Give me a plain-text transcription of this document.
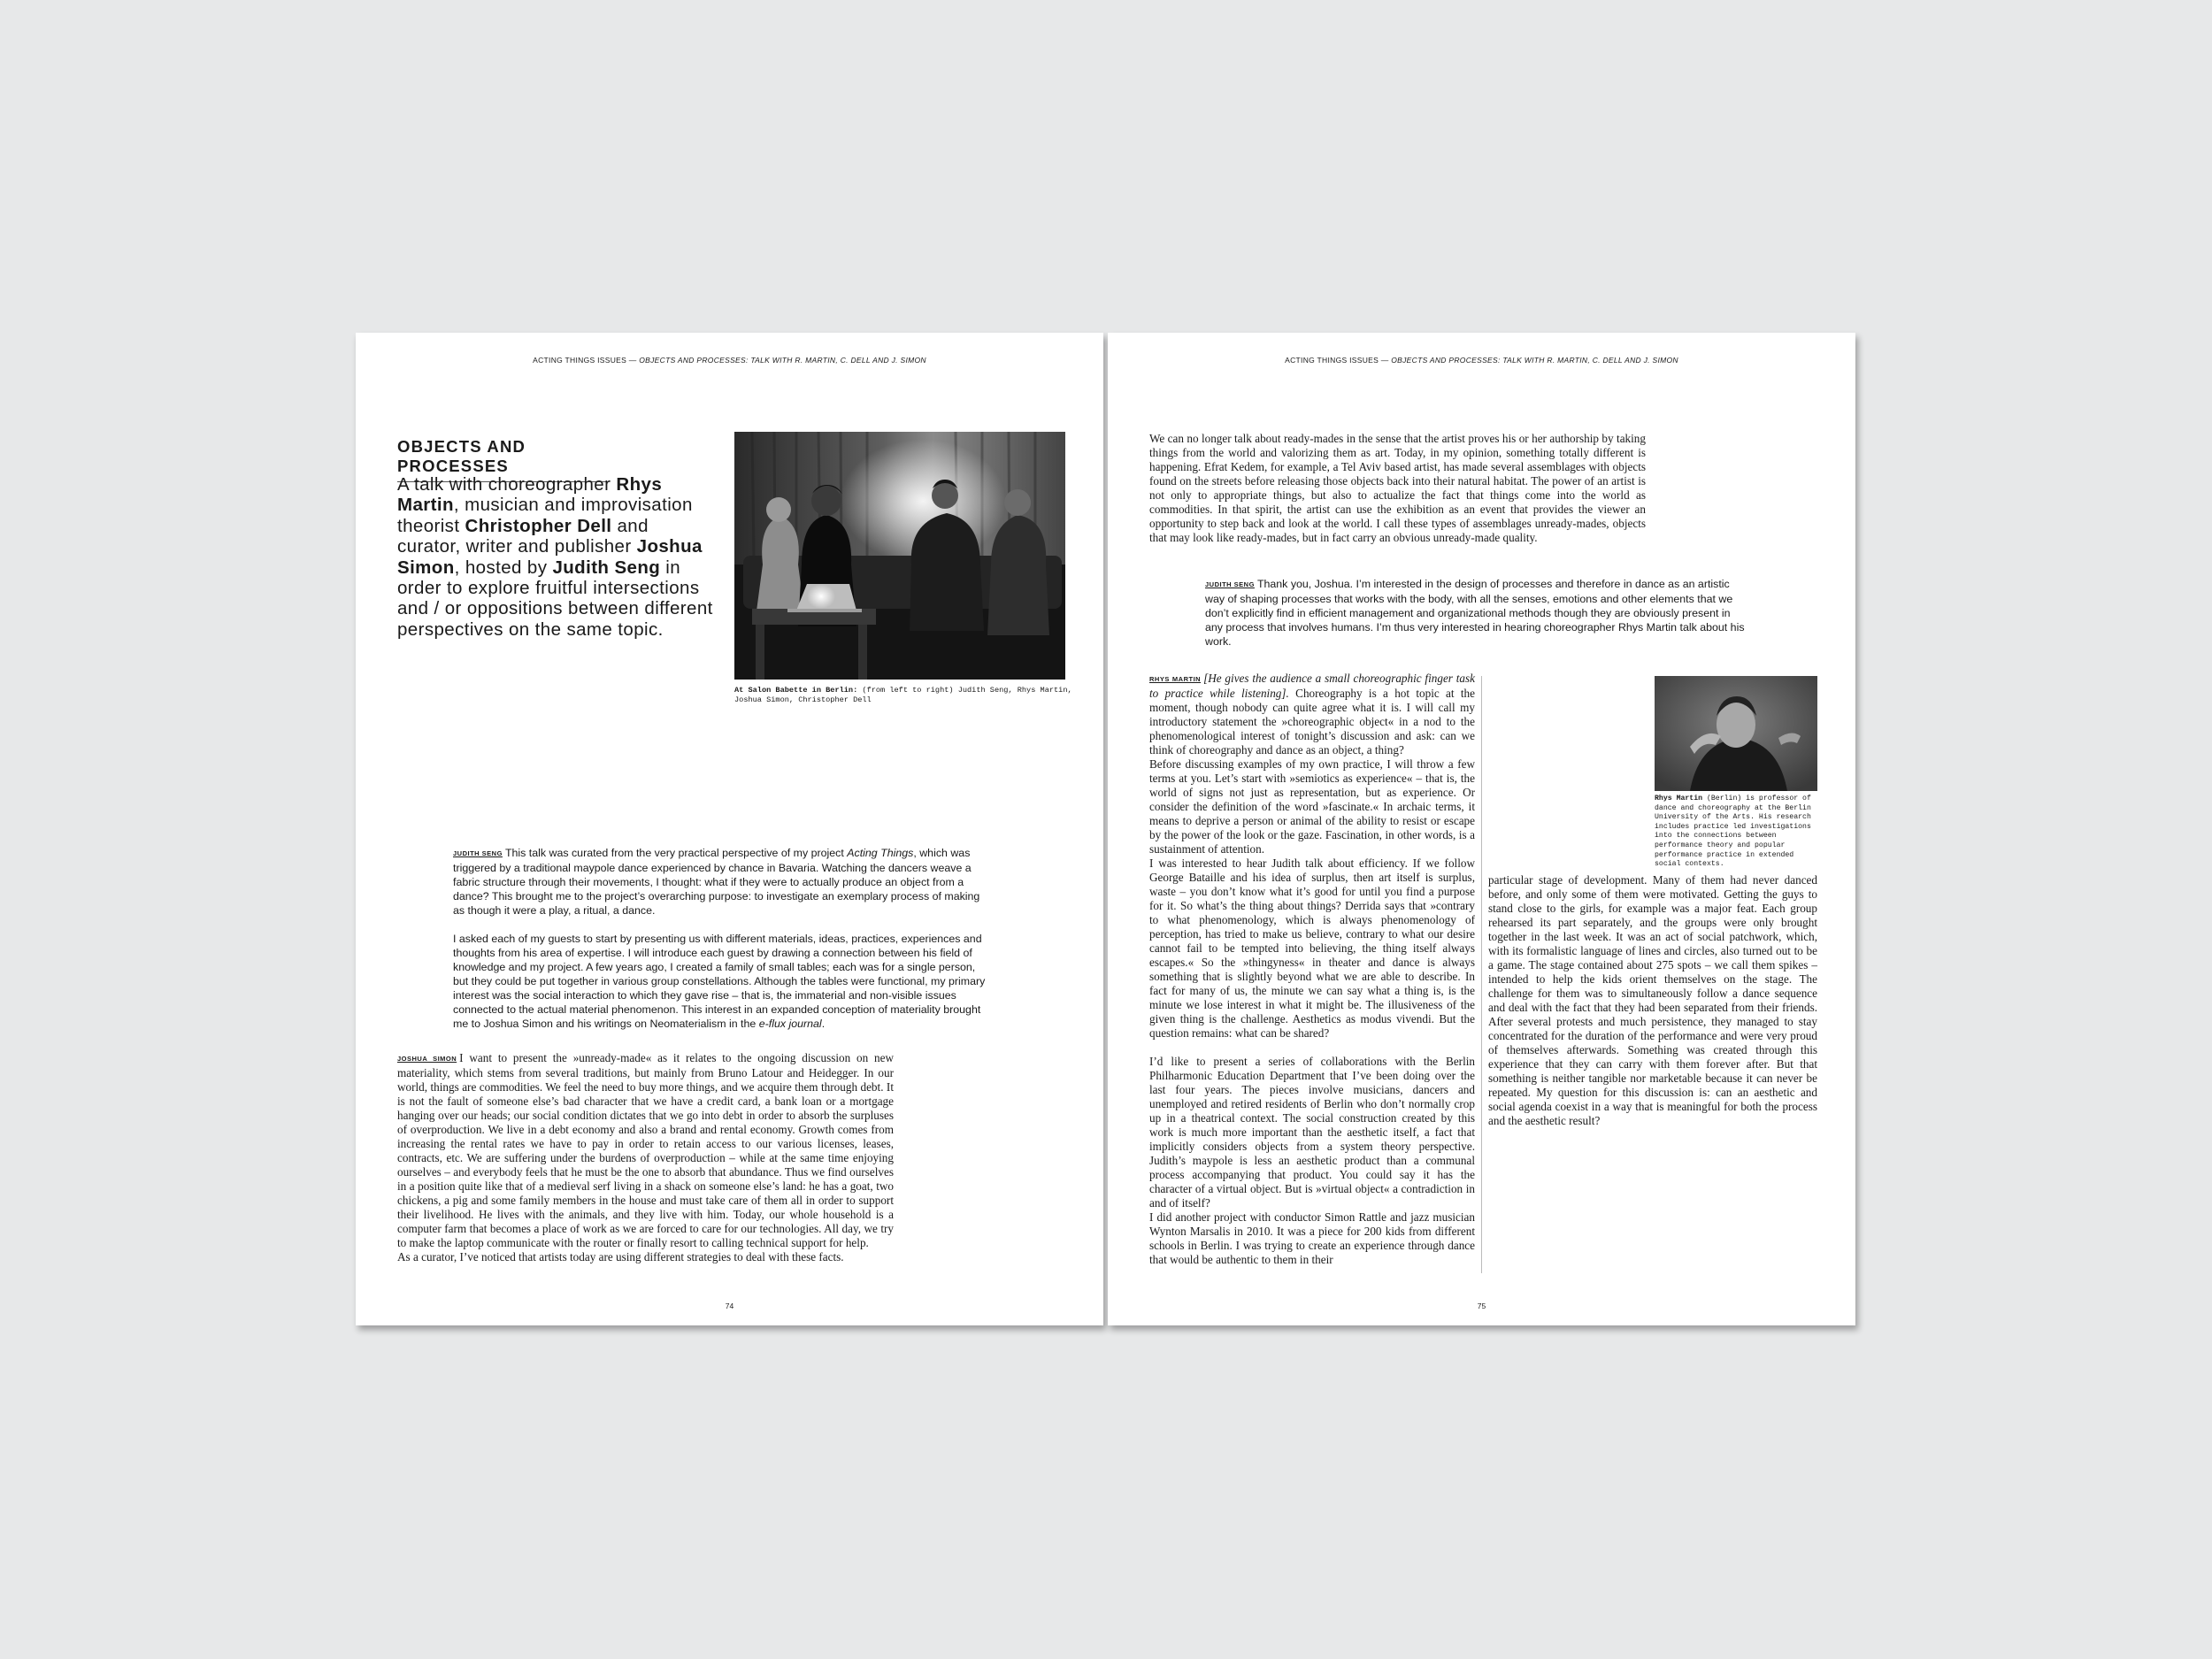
ACTING THINGS ISSUES — OBJECTS AND PROCESSES: TALK WITH R. MARTIN, C. DELL AND J. SIMON
OBJECTS AND PROCESSES
A talk with choreographer Rhys Martin, musician and improvisation theorist Christopher Dell and curator, writer and publisher Joshua Simon, hosted by Judith Seng in order to explore fruitful intersections and / or oppositions between different perspectives on the same topic.
At Salon Babette in Berlin: (from left to right) Judith Seng, Rhys Martin, Joshua Simon, Christopher Dell

JUDITH SENG This talk was curated from the very practical perspective of my project Acting Things, which was triggered by a traditional maypole dance experienced by chance in Bavaria. Watching the dancers weave a fabric structure through their movements, I thought: what if they were to actually produce an object from a dance? This brought me to the project’s overarching purpose: to investigate an exemplary process of making as though it were a play, a ritual, a dance.

I asked each of my guests to start by presenting us with different materials, ideas, practices, experiences and thoughts from his area of expertise. I will introduce each guest by drawing a connection between his field of knowledge and my project. A few years ago, I created a family of small tables; each was for a single person, but they could be put together in various group constellations. Although the tables were functional, my primary interest was the social interaction to which they gave rise – that is, the immaterial and non-visible issues connected to the actual material phenomenon. This interest in an expanded conception of materiality brought me to Joshua Simon and his writings on Neomaterialism in the e-flux journal.

JOSHUA SIMON I want to present the »unready-made« as it relates to the ongoing discussion on new materiality, which stems from several traditions, but mainly from Bruno Latour and Heidegger. In our world, things are commodities. We feel the need to buy more things, and we acquire them through debt. It is not the fault of someone else’s bad character that we have a credit card, a bank loan or a mortgage hanging over our heads; our social condition dictates that we go into debt in order to absorb the surpluses of overproduction. We live in a debt economy and also a brand and rental economy. Growth comes from increasing the rental rates we have to pay in order to retain access to our various licenses, leases, contracts, etc. We are suffering under the burdens of overproduction – while at the same time enjoying ourselves – and everybody feels that he must be the one to absorb that abundance. Thus we find ourselves in a position quite like that of a medieval serf living in a shack on someone else’s land: he has a goat, two chickens, a pig and some family members in the house and must take care of them all in order to support their livelihood. He lives with the animals, and they live with him. Today, our whole household is a computer farm that becomes a place of work as we are forced to care for our technologies. All day, we try to make the laptop communicate with the router or finally resort to calling technical support for help.

As a curator, I’ve noticed that artists today are using different strategies to deal with these facts.

74
ACTING THINGS ISSUES — OBJECTS AND PROCESSES: TALK WITH R. MARTIN, C. DELL AND J. SIMON

We can no longer talk about ready-mades in the sense that the artist proves his or her authorship by taking things from the world and valorizing them as art. Today, in my opinion, something totally different is happening. Efrat Kedem, for example, a Tel Aviv based artist, has made several assemblages with objects found on the streets before releasing those objects back into their natural habitat. The power of an artist is not only to appropriate things, but also to actualize the fact that things come into the world as commodities. In that spirit, the artist can use the exhibition as an event that provides the viewer an opportunity to step back and look at the world. I call these types of assemblages unready-mades, objects that may look like ready-mades, but in fact carry an obvious unready-made quality.

JUDITH SENG Thank you, Joshua. I’m interested in the design of processes and therefore in dance as an artistic way of shaping processes that works with the body, with all the senses, emotions and other elements that we don’t explicitly find in efficient management and organizational methods though they are obviously present in any process that involves humans. I’m thus very interested in hearing choreographer Rhys Martin talk about his work.

RHYS MARTIN [He gives the audience a small choreographic finger task to practice while listening]. Choreography is a hot topic at the moment, though nobody can quite agree what it is. I will call my introductory statement the »choreographic object« in a nod to the phenomenological interest of tonight’s discussion and ask: can we think of choreography and dance as an object, a thing?

Before discussing examples of my own practice, I will throw a few terms at you. Let’s start with »semiotics as experience« – that is, the world of signs not just as representation, but as experience. Or consider the definition of the word »fascinate.« In archaic terms, it means to deprive a person or animal of the ability to resist or escape by the power of the look or the gaze. Fascination, in other words, is a sustainment of attention.

I was interested to hear Judith talk about efficiency. If we follow George Bataille and his idea of surplus, then art itself is surplus, waste – you don’t know what it’s good for until you find a purpose for it. So what’s the thing about things? Derrida says that »contrary to what phenomenology, which is always phenomenology of perception, has tried to make us believe, contrary to what our desire cannot fail to be tempted into believing, the thing itself always escapes.« So the »thingyness« in theater and dance is always something that is slightly beyond what we are able to describe. In fact for many of us, the minute we can say what a thing is, is the minute we lose interest in what it might be. The illusiveness of the given thing is the challenge. Aesthetics as modus vivendi. But the question remains: what can be shared?

I’d like to present a series of collaborations with the Berlin Philharmonic Education Department that I’ve been doing over the last four years. The pieces involve musicians, dancers and unemployed and retired residents of Berlin who don’t normally crop up in a theatrical context. The social construction created by this work is much more important than the aesthetic itself, a fact that implicitly considers objects from a system theory perspective. Judith’s maypole is less an aesthetic product than a communal process accompanying that product. You could say it has the character of a virtual object. But is »virtual object« a contradiction in and of itself?

I did another project with conductor Simon Rattle and jazz musician Wynton Marsalis in 2010. It was a piece for 200 kids from different schools in Berlin. I was trying to create an experience through dance that would be authentic to them in their

Rhys Martin (Berlin) is professor of dance and choreography at the Berlin University of the Arts. His research includes practice led investigations into the connections between performance theory and popular performance practice in extended social contexts.

particular stage of development. Many of them had never danced before, and only some of them were motivated. Getting the guys to stand close to the girls, for example was a major feat. Each group rehearsed its part separately, and the groups were only brought together in the last week. It was an act of social patchwork, which, with its formalistic language of lines and circles, also turned out to be a game. The stage contained about 275 spots – we call them spikes – intended to help the kids orient themselves on the stage. The challenge for them was to simultaneously follow a dance sequence and deal with the fact that they had been separated from their friends. After several protests and much persistence, they managed to stay concentrated for the duration of the performance and were very proud of themselves afterwards. Something was created through this experience that they can carry with them forever after. But that something is neither tangible nor marketable because it can never be repeated. My question for this discussion is: can an aesthetic and social agenda coexist in a way that is meaningful for both the process and the aesthetic result?

75
